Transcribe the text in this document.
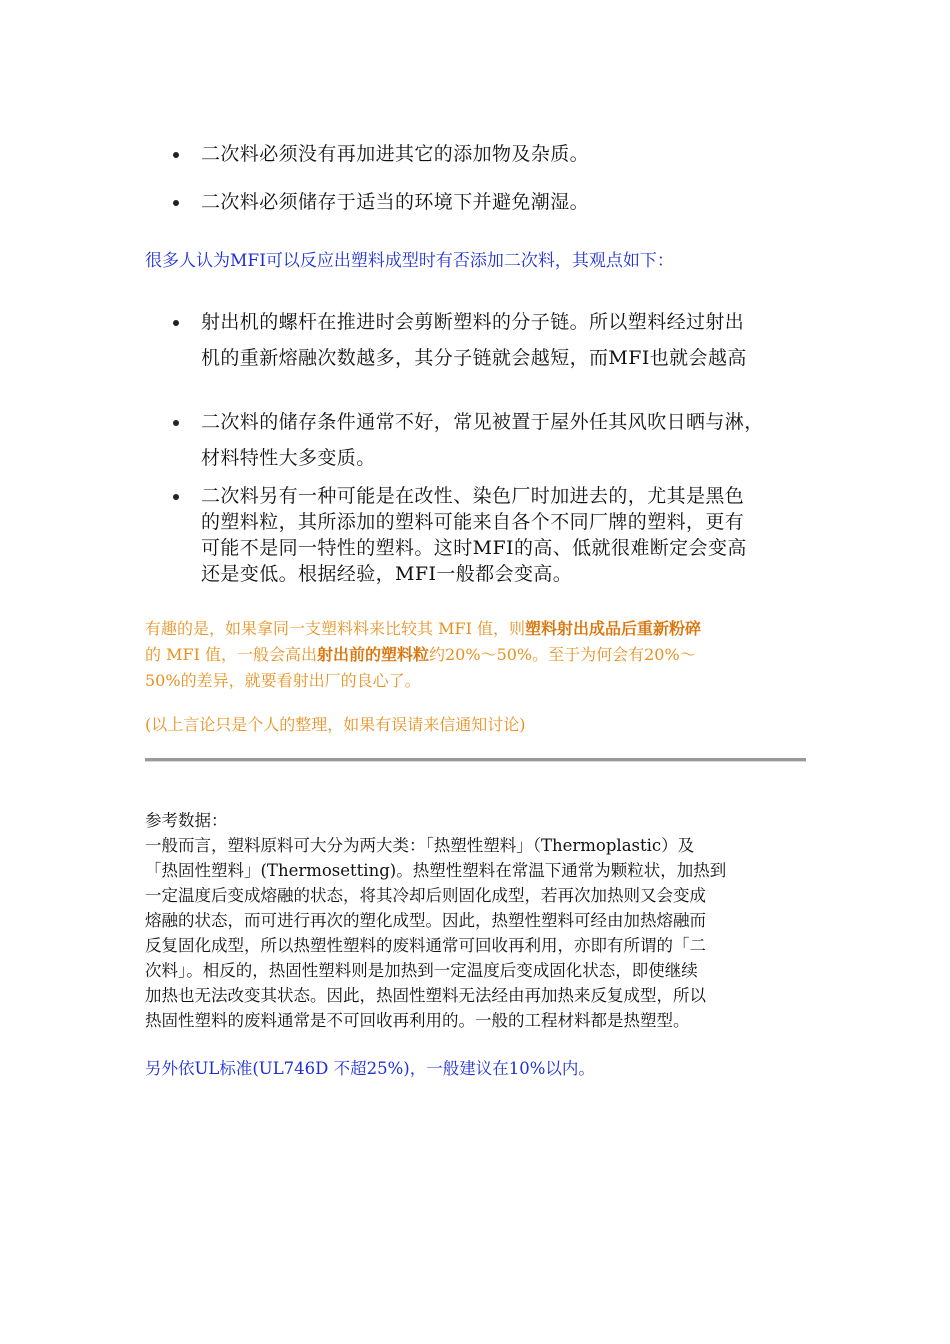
二次料必须没有再加进其它的添加物及杂质。
二次料必须储存于适当的环境下并避免潮湿。
很多人认为MFI可以反应出塑料成型时有否添加二次料，其观点如下：
射出机的螺杆在推进时会剪断塑料的分子链。所以塑料经过射出
机的重新熔融次数越多，其分子链就会越短，而MFI也就会越高
二次料的储存条件通常不好，常见被置于屋外任其风吹日晒与淋，
材料特性大多变质。
二次料另有一种可能是在改性、染色厂时加进去的，尤其是黑色
的塑料粒，其所添加的塑料可能来自各个不同厂牌的塑料，更有
可能不是同一特性的塑料。这时MFI的高、低就很难断定会变高
还是变低。根据经验，MFI一般都会变高。
有趣的是，如果拿同一支塑料料来比较其 MFI 值，则塑料射出成品后重新粉碎
的 MFI 值，一般会高出射出前的塑料粒约20%～50%。至于为何会有20%～
50%的差异，就要看射出厂的良心了。
(以上言论只是个人的整理，如果有误请来信通知讨论)
参考数据：
一般而言，塑料原料可大分为两大类：「热塑性塑料」（Thermoplastic）及
「热固性塑料」(Thermosetting)。热塑性塑料在常温下通常为颗粒状，加热到
一定温度后变成熔融的状态，将其冷却后则固化成型，若再次加热则又会变成
熔融的状态，而可进行再次的塑化成型。因此，热塑性塑料可经由加热熔融而
反复固化成型，所以热塑性塑料的废料通常可回收再利用，亦即有所谓的「二
次料」。相反的，热固性塑料则是加热到一定温度后变成固化状态，即使继续
加热也无法改变其状态。因此，热固性塑料无法经由再加热来反复成型，所以
热固性塑料的废料通常是不可回收再利用的。一般的工程材料都是热塑型。
另外依UL标准(UL746D 不超25%)，一般建议在10%以内。
